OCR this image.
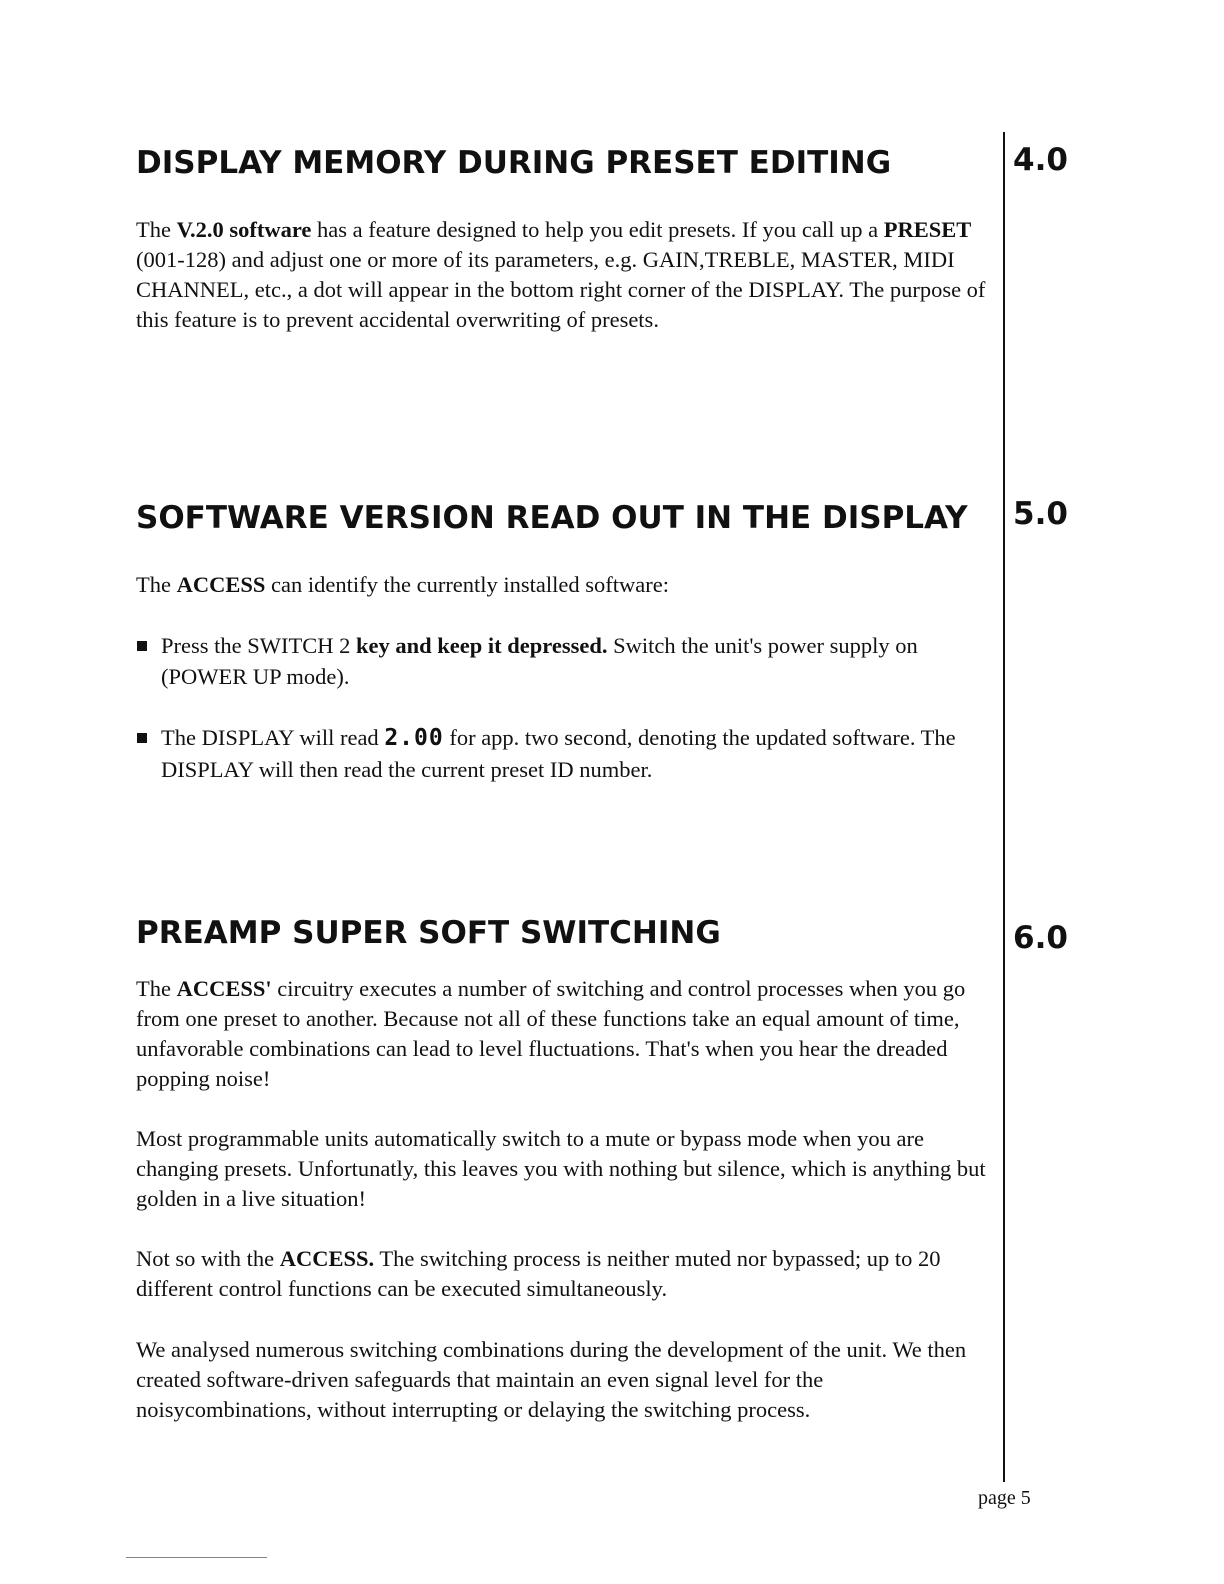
DISPLAY MEMORY DURING PRESET EDITING	4.0

The V.2.0 software has a feature designed to help you edit presets. If you call up a PRESET (001-128) and adjust one or more of its parameters, e.g. GAIN,TREBLE, MASTER, MIDI CHANNEL, etc., a dot will appear in the bottom right corner of the DISPLAY. The purpose of this feature is to prevent accidental overwriting of presets.

SOFTWARE VERSION READ OUT IN THE DISPLAY 5.0

The ACCESS can identify the currently installed software:

Press the SWITCH 2 key and keep it depressed. Switch the unit's power supply on (POWER UP mode).

The DISPLAY will read 2.00 for app. two second, denoting the updated software. The DISPLAY will then read the current preset ID number.

PREAMP SUPER SOFT SWITCHING	6.0

The ACCESS' circuitry executes a number of switching and control processes when you go from one preset to another. Because not all of these functions take an equal amount of time, unfavorable combinations can lead to level fluctuations. That's when you hear the dreaded popping noise!

Most programmable units automatically switch to a mute or bypass mode when you are changing presets. Unfortunatly, this leaves you with nothing but silence, which is anything but golden in a live situation!

Not so with the ACCESS. The switching process is neither muted nor bypassed; up to 20 different control functions can be executed simultaneously.

We analysed numerous switching combinations during the development of the unit. We then created software-driven safeguards that maintain an even signal level for the noisycombinations, without interrupting or delaying the switching process.

page 5
